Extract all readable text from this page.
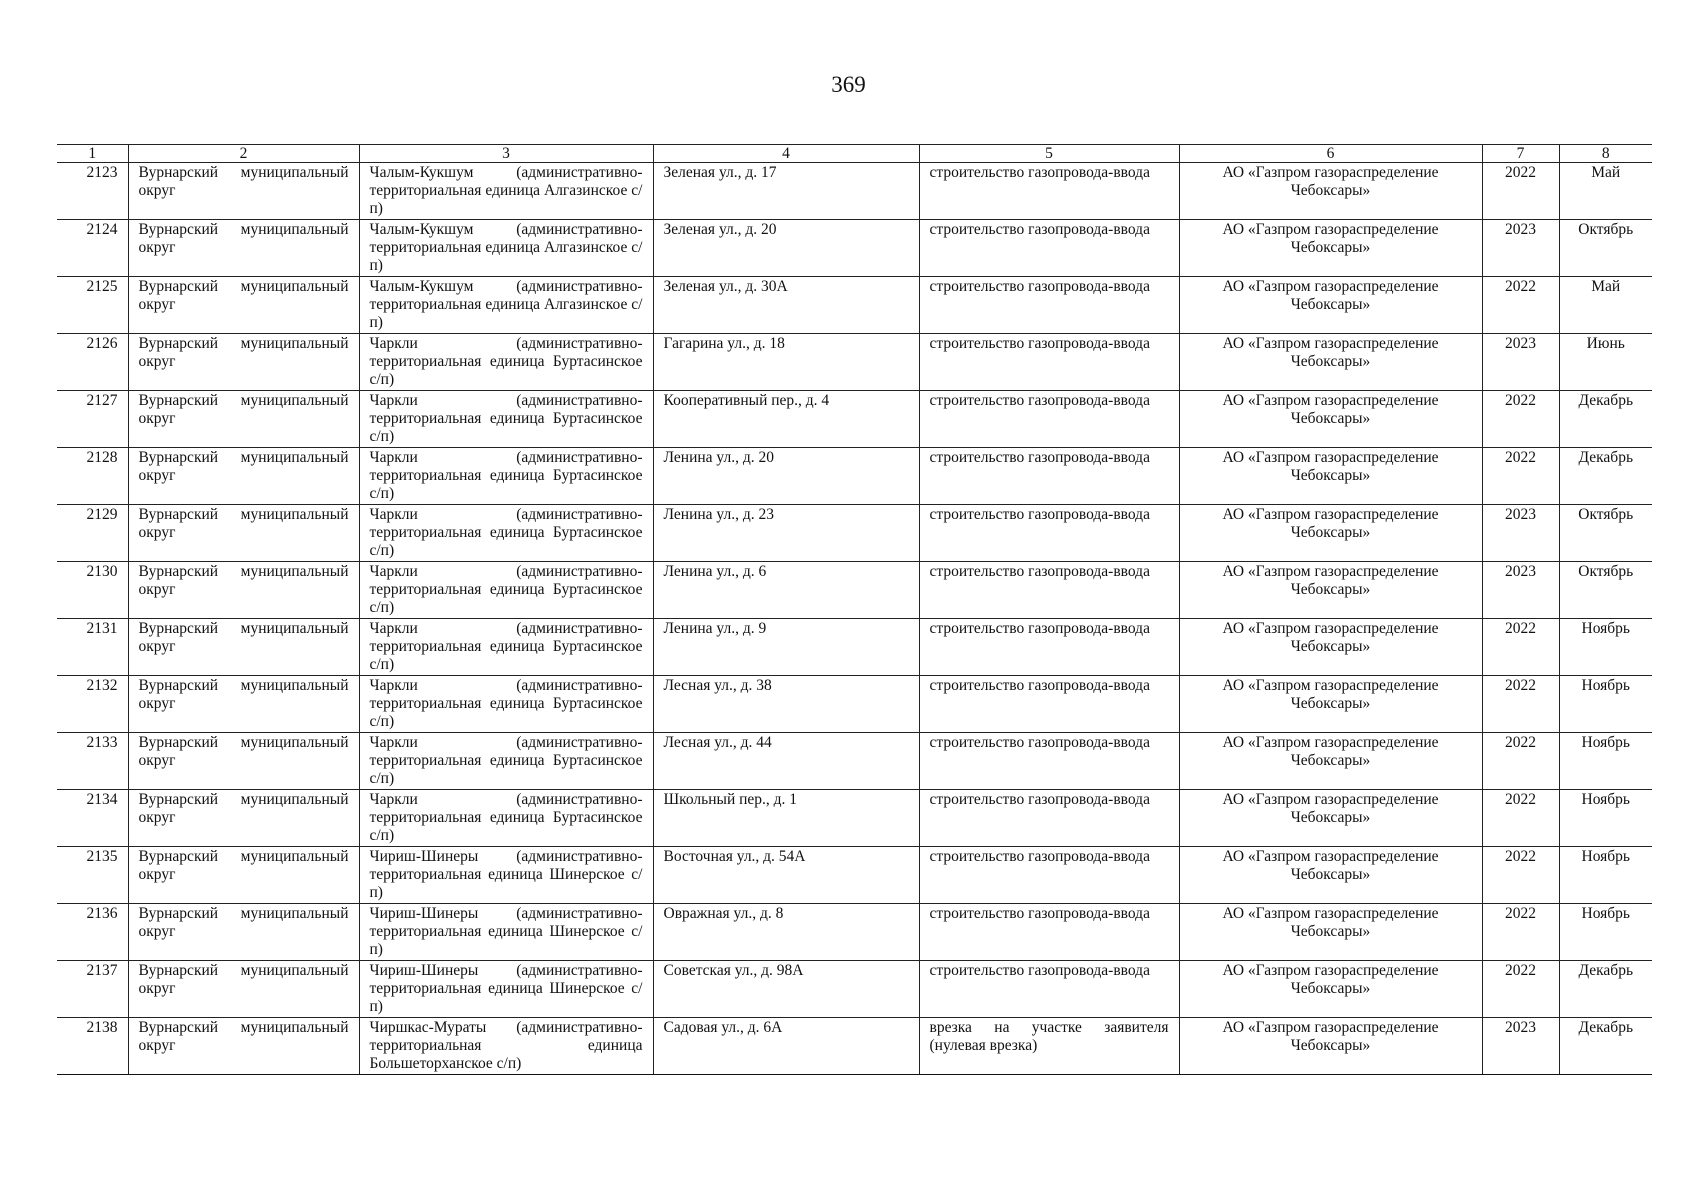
369
1	2	3	4	5	6	7	8
2123	Вурнарский муниципальный округ	Чалым-Кукшум (административно-территориальная единица Алгазинское с/п)	Зеленая ул., д. 17	строительство газопровода-ввода	АО «Газпром газораспределение Чебоксары»	2022	Май
2124	Вурнарский муниципальный округ	Чалым-Кукшум (административно-территориальная единица Алгазинское с/п)	Зеленая ул., д. 20	строительство газопровода-ввода	АО «Газпром газораспределение Чебоксары»	2023	Октябрь
2125	Вурнарский муниципальный округ	Чалым-Кукшум (административно-территориальная единица Алгазинское с/п)	Зеленая ул., д. 30А	строительство газопровода-ввода	АО «Газпром газораспределение Чебоксары»	2022	Май
2126	Вурнарский муниципальный округ	Чаркли (административно-территориальная единица Буртасинское с/п)	Гагарина ул., д. 18	строительство газопровода-ввода	АО «Газпром газораспределение Чебоксары»	2023	Июнь
2127	Вурнарский муниципальный округ	Чаркли (административно-территориальная единица Буртасинское с/п)	Кооперативный пер., д. 4	строительство газопровода-ввода	АО «Газпром газораспределение Чебоксары»	2022	Декабрь
2128	Вурнарский муниципальный округ	Чаркли (административно-территориальная единица Буртасинское с/п)	Ленина ул., д. 20	строительство газопровода-ввода	АО «Газпром газораспределение Чебоксары»	2022	Декабрь
2129	Вурнарский муниципальный округ	Чаркли (административно-территориальная единица Буртасинское с/п)	Ленина ул., д. 23	строительство газопровода-ввода	АО «Газпром газораспределение Чебоксары»	2023	Октябрь
2130	Вурнарский муниципальный округ	Чаркли (административно-территориальная единица Буртасинское с/п)	Ленина ул., д. 6	строительство газопровода-ввода	АО «Газпром газораспределение Чебоксары»	2023	Октябрь
2131	Вурнарский муниципальный округ	Чаркли (административно-территориальная единица Буртасинское с/п)	Ленина ул., д. 9	строительство газопровода-ввода	АО «Газпром газораспределение Чебоксары»	2022	Ноябрь
2132	Вурнарский муниципальный округ	Чаркли (административно-территориальная единица Буртасинское с/п)	Лесная ул., д. 38	строительство газопровода-ввода	АО «Газпром газораспределение Чебоксары»	2022	Ноябрь
2133	Вурнарский муниципальный округ	Чаркли (административно-территориальная единица Буртасинское с/п)	Лесная ул., д. 44	строительство газопровода-ввода	АО «Газпром газораспределение Чебоксары»	2022	Ноябрь
2134	Вурнарский муниципальный округ	Чаркли (административно-территориальная единица Буртасинское с/п)	Школьный пер., д. 1	строительство газопровода-ввода	АО «Газпром газораспределение Чебоксары»	2022	Ноябрь
2135	Вурнарский муниципальный округ	Чириш-Шинеры (административно-территориальная единица Шинерское с/п)	Восточная ул., д. 54А	строительство газопровода-ввода	АО «Газпром газораспределение Чебоксары»	2022	Ноябрь
2136	Вурнарский муниципальный округ	Чириш-Шинеры (административно-территориальная единица Шинерское с/п)	Овражная ул., д. 8	строительство газопровода-ввода	АО «Газпром газораспределение Чебоксары»	2022	Ноябрь
2137	Вурнарский муниципальный округ	Чириш-Шинеры (административно-территориальная единица Шинерское с/п)	Советская ул., д. 98А	строительство газопровода-ввода	АО «Газпром газораспределение Чебоксары»	2022	Декабрь
2138	Вурнарский муниципальный округ	Чиршкас-Мураты (административно-территориальная единица Большеторханское с/п)	Садовая ул., д. 6А	врезка на участке заявителя (нулевая врезка)	АО «Газпром газораспределение Чебоксары»	2023	Декабрь
